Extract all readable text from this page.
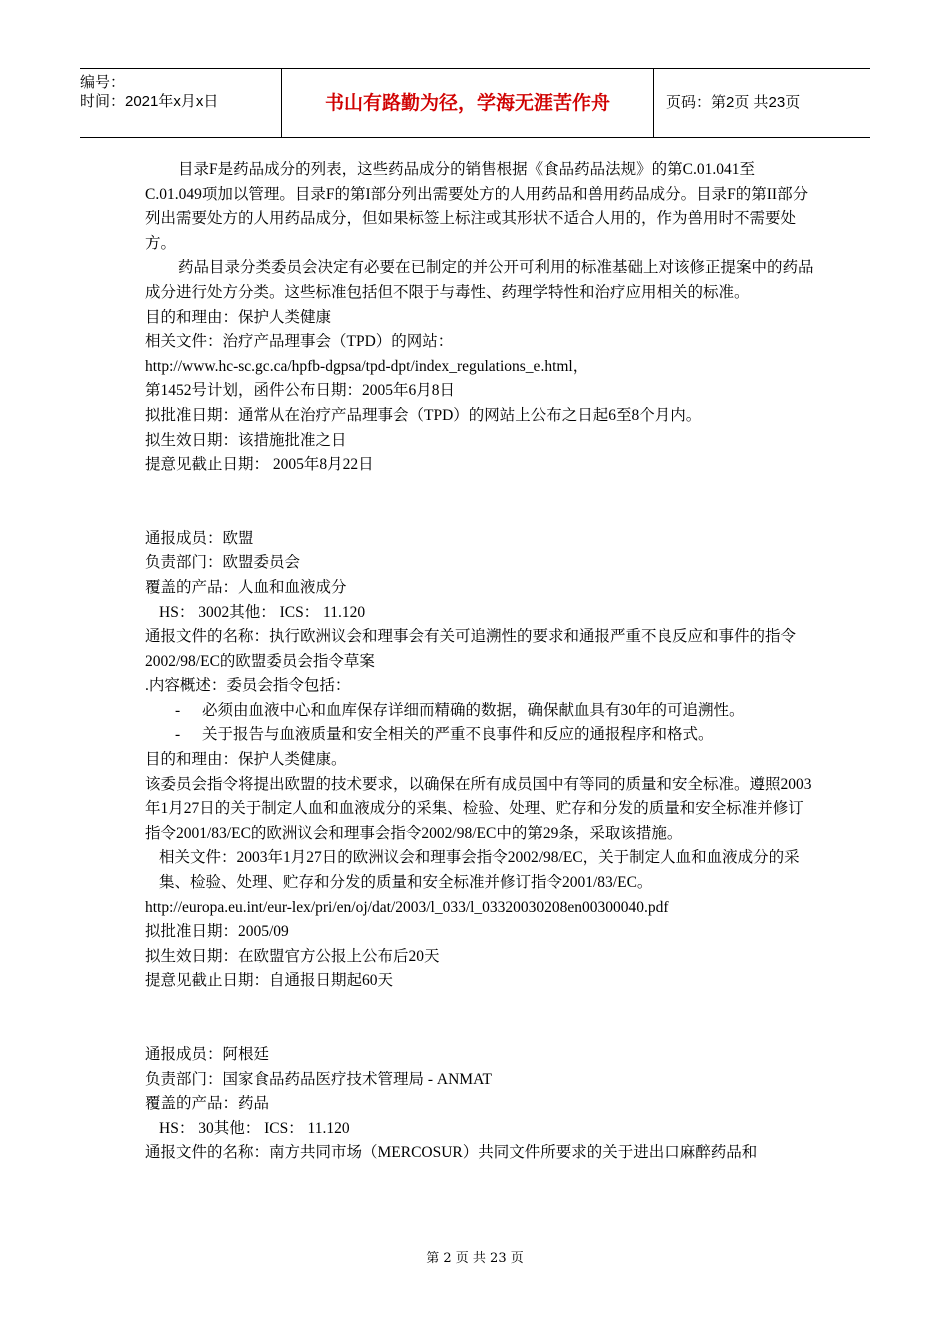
编号：
时间：2021年x月x日	书山有路勤为径，学海无涯苦作舟	页码：第2页 共23页

目录F是药品成分的列表，这些药品成分的销售根据《食品药品法规》的第C.01.041至 C.01.049项加以管理。目录F的第I部分列出需要处方的人用药品和兽用药品成分。目录F的第II部分列出需要处方的人用药品成分，但如果标签上标注或其形状不适合人用的，作为兽用时不需要处方。

药品目录分类委员会决定有必要在已制定的并公开可利用的标准基础上对该修正提案中的药品成分进行处方分类。这些标准包括但不限于与毒性、药理学特性和治疗应用相关的标准。

目的和理由：保护人类健康

相关文件：治疗产品理事会（TPD）的网站：

http://www.hc-sc.gc.ca/hpfb-dgpsa/tpd-dpt/index_regulations_e.html，

第1452号计划，函件公布日期：2005年6月8日

拟批准日期：通常从在治疗产品理事会（TPD）的网站上公布之日起6至8个月内。

拟生效日期：该措施批准之日

提意见截止日期： 2005年8月22日

通报成员：欧盟

负责部门：欧盟委员会

覆盖的产品：人血和血液成分

HS： 3002其他： ICS： 11.120

通报文件的名称：执行欧洲议会和理事会有关可追溯性的要求和通报严重不良反应和事件的指令2002/98/EC的欧盟委员会指令草案

.内容概述：委员会指令包括：

- 必须由血液中心和血库保存详细而精确的数据，确保献血具有30年的可追溯性。

- 关于报告与血液质量和安全相关的严重不良事件和反应的通报程序和格式。

目的和理由：保护人类健康。

该委员会指令将提出欧盟的技术要求，以确保在所有成员国中有等同的质量和安全标准。遵照2003年1月27日的关于制定人血和血液成分的采集、检验、处理、贮存和分发的质量和安全标准并修订指令2001/83/EC的欧洲议会和理事会指令2002/98/EC中的第29条，采取该措施。

相关文件：2003年1月27日的欧洲议会和理事会指令2002/98/EC，关于制定人血和血液成分的采集、检验、处理、贮存和分发的质量和安全标准并修订指令2001/83/EC。

http://europa.eu.int/eur-lex/pri/en/oj/dat/2003/l_033/l_03320030208en00300040.pdf

拟批准日期：2005/09

拟生效日期：在欧盟官方公报上公布后20天

提意见截止日期：自通报日期起60天

通报成员：阿根廷

负责部门：国家食品药品医疗技术管理局 - ANMAT

覆盖的产品：药品

HS： 30其他： ICS： 11.120

通报文件的名称：南方共同市场（MERCOSUR）共同文件所要求的关于进出口麻醉药品和

第 2 页 共 23 页
